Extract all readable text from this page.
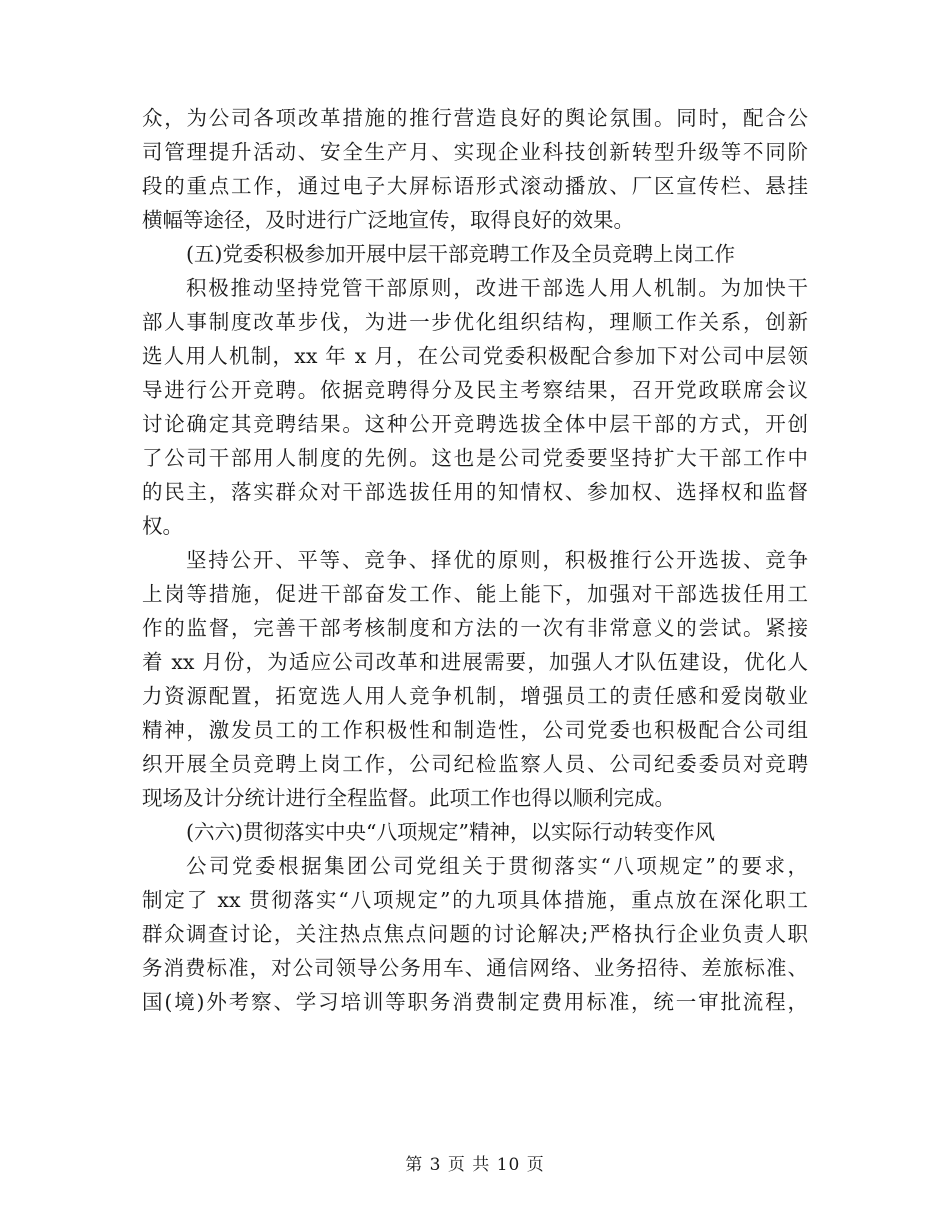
众，为公司各项改革措施的推行营造良好的舆论氛围。同时，配合公
司管理提升活动、安全生产月、实现企业科技创新转型升级等不同阶
段的重点工作，通过电子大屏标语形式滚动播放、厂区宣传栏、悬挂
横幅等途径，及时进行广泛地宣传，取得良好的效果。
(五)党委积极参加开展中层干部竞聘工作及全员竞聘上岗工作
积极推动坚持党管干部原则，改进干部选人用人机制。为加快干
部人事制度改革步伐，为进一步优化组织结构，理顺工作关系，创新
选人用人机制，xx 年 x 月，在公司党委积极配合参加下对公司中层领
导进行公开竞聘。依据竞聘得分及民主考察结果，召开党政联席会议
讨论确定其竞聘结果。这种公开竞聘选拔全体中层干部的方式，开创
了公司干部用人制度的先例。这也是公司党委要坚持扩大干部工作中
的民主，落实群众对干部选拔任用的知情权、参加权、选择权和监督
权。
坚持公开、平等、竞争、择优的原则，积极推行公开选拔、竞争
上岗等措施，促进干部奋发工作、能上能下，加强对干部选拔任用工
作的监督，完善干部考核制度和方法的一次有非常意义的尝试。紧接
着 xx 月份，为适应公司改革和进展需要，加强人才队伍建设，优化人
力资源配置，拓宽选人用人竞争机制，增强员工的责任感和爱岗敬业
精神，激发员工的工作积极性和制造性，公司党委也积极配合公司组
织开展全员竞聘上岗工作，公司纪检监察人员、公司纪委委员对竞聘
现场及计分统计进行全程监督。此项工作也得以顺利完成。
(六六)贯彻落实中央“八项规定”精神，以实际行动转变作风
公司党委根据集团公司党组关于贯彻落实“八项规定”的要求，
制定了 xx 贯彻落实“八项规定”的九项具体措施，重点放在深化职工
群众调查讨论，关注热点焦点问题的讨论解决;严格执行企业负责人职
务消费标准，对公司领导公务用车、通信网络、业务招待、差旅标准、
国(境)外考察、学习培训等职务消费制定费用标准，统一审批流程，
第 3 页 共 10 页
